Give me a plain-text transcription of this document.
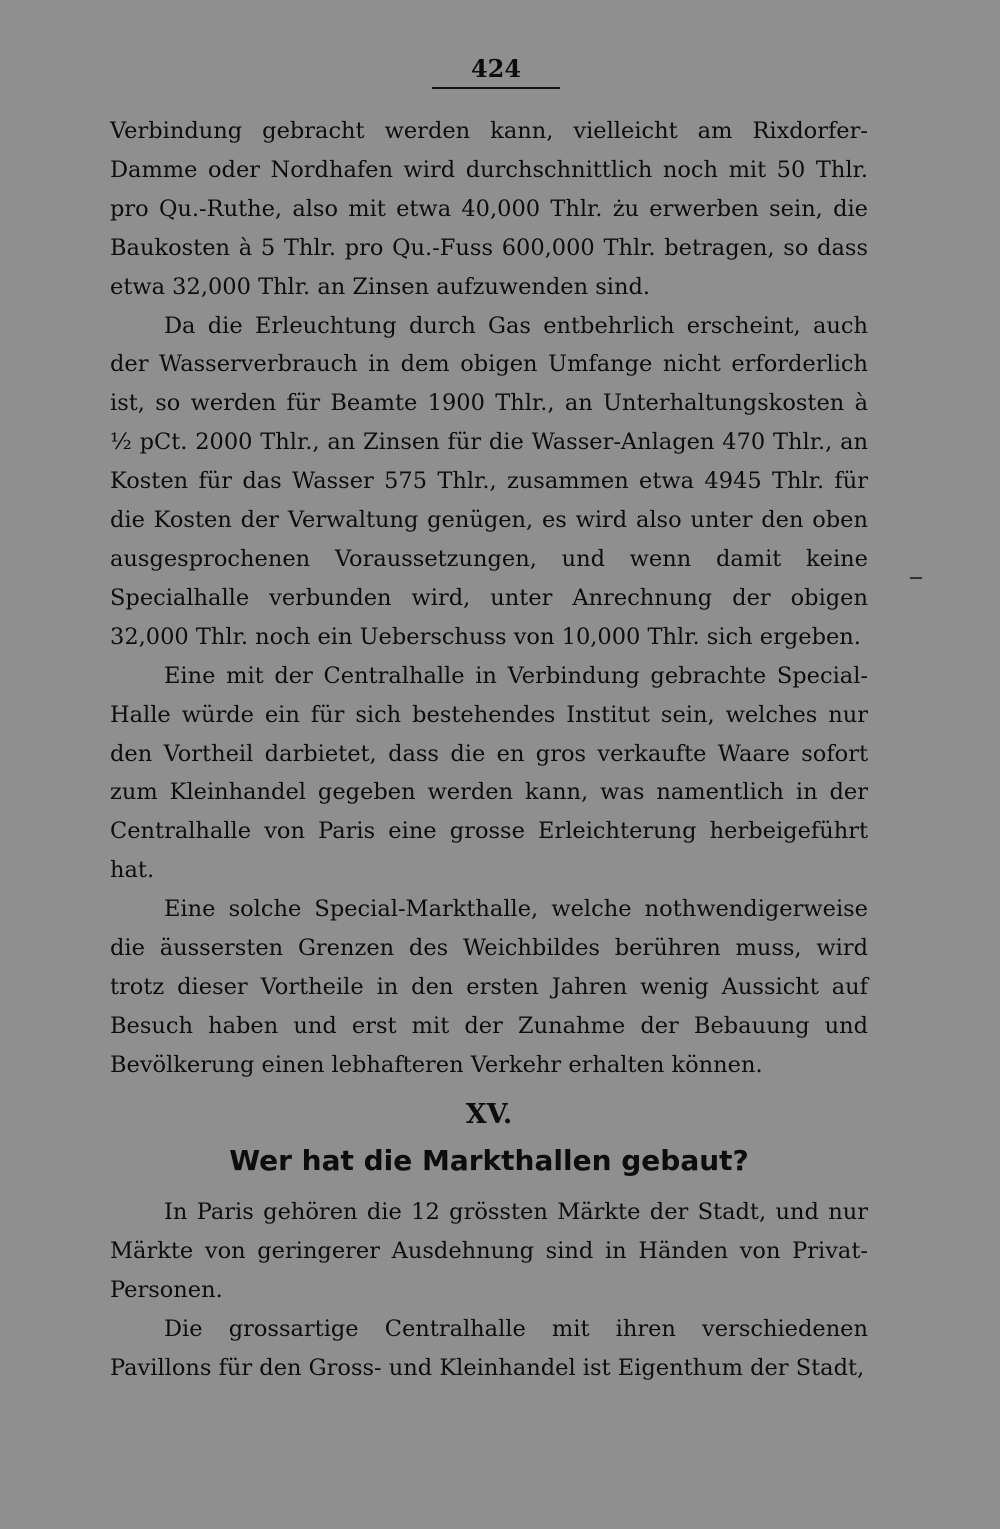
424

Verbindung gebracht werden kann, vielleicht am Rixdorfer-Damme oder Nordhafen wird durchschnittlich noch mit 50 Thlr. pro Qu.-Ruthe, also mit etwa 40,000 Thlr. żu erwerben sein, die Baukosten à 5 Thlr. pro Qu.-Fuss 600,000 Thlr. betragen, so dass etwa 32,000 Thlr. an Zinsen aufzuwenden sind.

Da die Erleuchtung durch Gas entbehrlich erscheint, auch der Wasserverbrauch in dem obigen Umfange nicht erforderlich ist, so werden für Beamte 1900 Thlr., an Unterhaltungskosten à ½ pCt. 2000 Thlr., an Zinsen für die Wasser-Anlagen 470 Thlr., an Kosten für das Wasser 575 Thlr., zusammen etwa 4945 Thlr. für die Kosten der Verwaltung genügen, es wird also unter den oben ausgesprochenen Voraussetzungen, und wenn damit keine Specialhalle verbunden wird, unter Anrechnung der obigen 32,000 Thlr. noch ein Ueberschuss von 10,000 Thlr. sich ergeben.

Eine mit der Centralhalle in Verbindung gebrachte Special-Halle würde ein für sich bestehendes Institut sein, welches nur den Vortheil darbietet, dass die en gros verkaufte Waare sofort zum Kleinhandel gegeben werden kann, was namentlich in der Centralhalle von Paris eine grosse Erleichterung herbeigeführt hat.

Eine solche Special-Markthalle, welche nothwendigerweise die äussersten Grenzen des Weichbildes berühren muss, wird trotz dieser Vortheile in den ersten Jahren wenig Aussicht auf Besuch haben und erst mit der Zunahme der Bebauung und Bevölkerung einen lebhafteren Verkehr erhalten können.

XV.
Wer hat die Markthallen gebaut?

In Paris gehören die 12 grössten Märkte der Stadt, und nur Märkte von geringerer Ausdehnung sind in Händen von Privat-Personen.

Die grossartige Centralhalle mit ihren verschiedenen Pavillons für den Gross- und Kleinhandel ist Eigenthum der Stadt,
